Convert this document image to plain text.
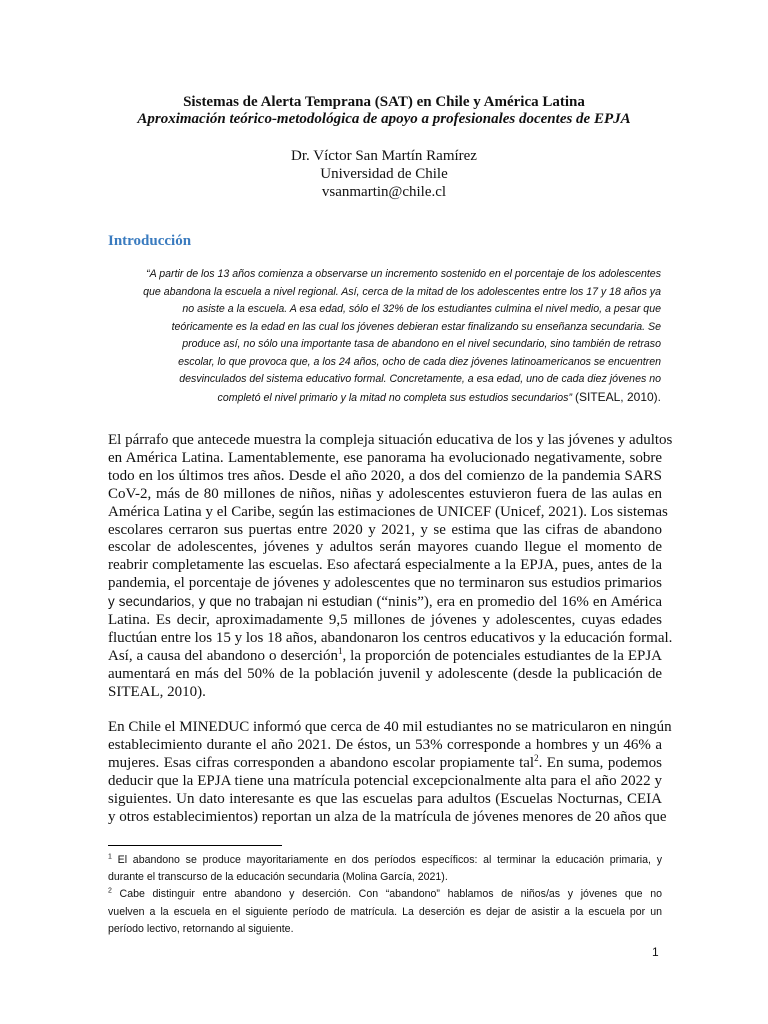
Sistemas de Alerta Temprana (SAT) en Chile y América Latina
Aproximación teórico-metodológica de apoyo a profesionales docentes de EPJA
Dr. Víctor San Martín Ramírez
Universidad de Chile
vsanmartin@chile.cl
Introducción
“A partir de los 13 años comienza a observarse un incremento sostenido en el porcentaje de los adolescentes
que abandona la escuela a nivel regional. Así, cerca de la mitad de los adolescentes entre los 17 y 18 años ya
no asiste a la escuela. A esa edad, sólo el 32% de los estudiantes culmina el nivel medio, a pesar que
teóricamente es la edad en las cual los jóvenes debieran estar finalizando su enseñanza secundaria. Se
produce así, no sólo una importante tasa de abandono en el nivel secundario, sino también de retraso
escolar, lo que provoca que, a los 24 años, ocho de cada diez jóvenes latinoamericanos se encuentren
desvinculados del sistema educativo formal. Concretamente, a esa edad, uno de cada diez jóvenes no
completó el nivel primario y la mitad no completa sus estudios secundarios” (SITEAL, 2010).
El párrafo que antecede muestra la compleja situación educativa de los y las jóvenes y adultos
en América Latina. Lamentablemente, ese panorama ha evolucionado negativamente, sobre
todo en los últimos tres años. Desde el año 2020, a dos del comienzo de la pandemia SARS
CoV-2, más de 80 millones de niños, niñas y adolescentes estuvieron fuera de las aulas en
América Latina y el Caribe, según las estimaciones de UNICEF (Unicef, 2021). Los sistemas
escolares cerraron sus puertas entre 2020 y 2021, y se estima que las cifras de abandono
escolar de adolescentes, jóvenes y adultos serán mayores cuando llegue el momento de
reabrir completamente las escuelas. Eso afectará especialmente a la EPJA, pues, antes de la
pandemia, el porcentaje de jóvenes y adolescentes que no terminaron sus estudios primarios
y secundarios, y que no trabajan ni estudian (“ninis”), era en promedio del 16% en América
Latina. Es decir, aproximadamente 9,5 millones de jóvenes y adolescentes, cuyas edades
fluctúan entre los 15 y los 18 años, abandonaron los centros educativos y la educación formal.
Así, a causa del abandono o deserción$^1$, la proporción de potenciales estudiantes de la EPJA
aumentará en más del 50% de la población juvenil y adolescente (desde la publicación de
SITEAL, 2010).
En Chile el MINEDUC informó que cerca de 40 mil estudiantes no se matricularon en ningún
establecimiento durante el año 2021. De éstos, un 53% corresponde a hombres y un 46% a
mujeres. Esas cifras corresponden a abandono escolar propiamente tal$^2$. En suma, podemos
deducir que la EPJA tiene una matrícula potencial excepcionalmente alta para el año 2022 y
siguientes. Un dato interesante es que las escuelas para adultos (Escuelas Nocturnas, CEIA
y otros establecimientos) reportan un alza de la matrícula de jóvenes menores de 20 años que
$^1$ El abandono se produce mayoritariamente en dos períodos específicos: al terminar la educación primaria, y
durante el transcurso de la educación secundaria (Molina García, 2021).
$^2$ Cabe distinguir entre abandono y deserción. Con “abandono” hablamos de niños/as y jóvenes que no
vuelven a la escuela en el siguiente período de matrícula. La deserción es dejar de asistir a la escuela por un
período lectivo, retornando al siguiente.
1
